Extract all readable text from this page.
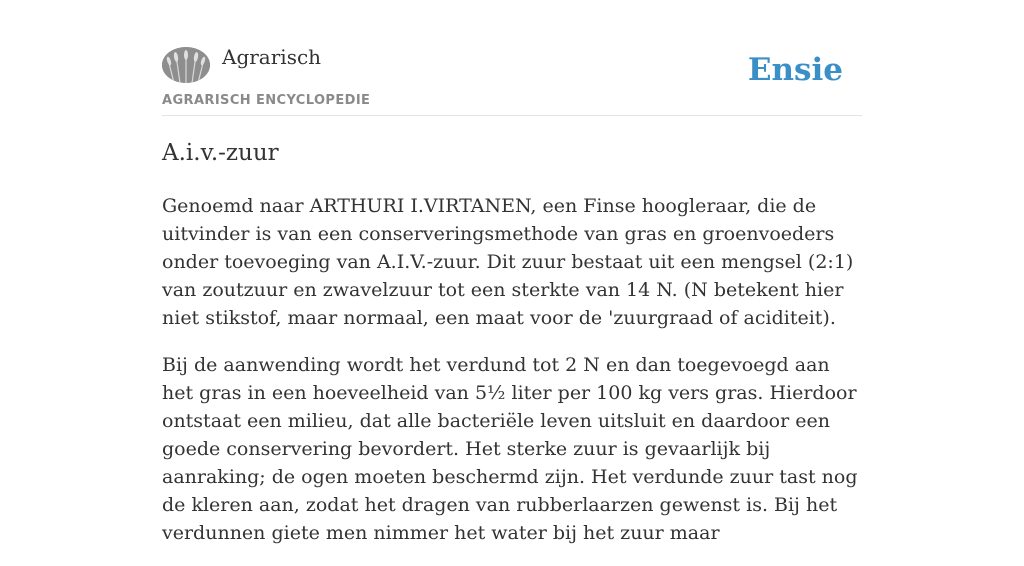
Agrarisch
AGRARISCH ENCYCLOPEDIE
Ensie
A.i.v.-zuur

Genoemd naar ARTHURI I.VIRTANEN, een Finse hoogleraar, die de uitvinder is van een conserveringsmethode van gras en groenvoeders onder toevoeging van A.I.V.-zuur. Dit zuur bestaat uit een mengsel (2:1) van zoutzuur en zwavelzuur tot een sterkte van 14 N. (N betekent hier niet stikstof, maar normaal, een maat voor de 'zuurgraad of aciditeit).

Bij de aanwending wordt het verdund tot 2 N en dan toegevoegd aan het gras in een hoeveelheid van 5½ liter per 100 kg vers gras. Hierdoor ontstaat een milieu, dat alle bacteriële leven uitsluit en daardoor een goede conservering bevordert. Het sterke zuur is gevaarlijk bij aanraking; de ogen moeten beschermd zijn. Het verdunde zuur tast nog de kleren aan, zodat het dragen van rubberlaarzen gewenst is. Bij het verdunnen giete men nimmer het water bij het zuur maar
